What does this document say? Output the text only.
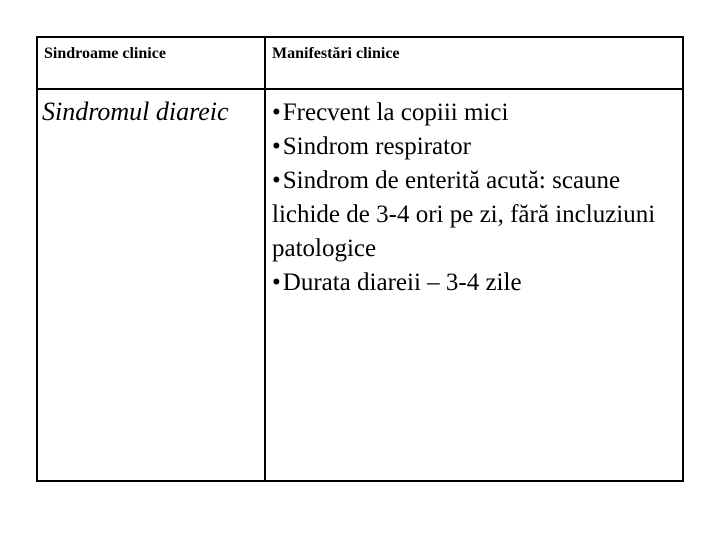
Sindroame clinice	Manifestări clinice
Sindromul diareic •Frecvent la copiii mici
•Sindrom respirator
•Sindrom de enterită acută: scaune lichide de 3-4 ori pe zi, fără incluziuni patologice
•Durata diareii – 3-4 zile
